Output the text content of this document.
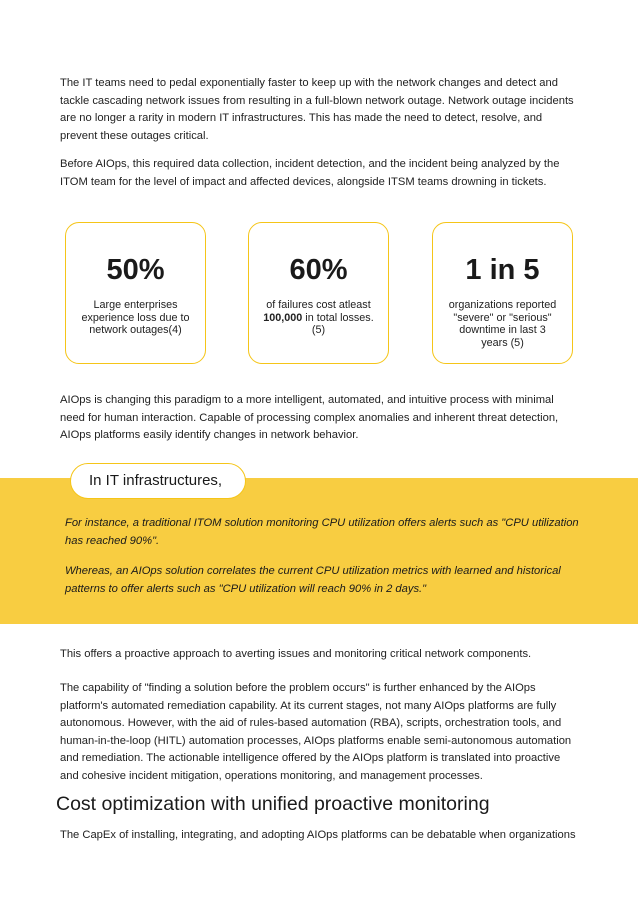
The IT teams need to pedal exponentially faster to keep up with the network changes and detect and tackle cascading network issues from resulting in a full-blown network outage. Network outage incidents are no longer a rarity in modern IT infrastructures. This has made the need to detect, resolve, and prevent these outages critical.

Before AIOps, this required data collection, incident detection, and the incident being analyzed by the ITOM team for the level of impact and affected devices, alongside ITSM teams drowning in tickets.

50%
Large enterprises experience loss due to network outages(4)
60%
of failures cost atleast 100,000 in total losses. (5)
1 in 5
organizations reported "severe" or "serious" downtime in last 3 years (5)

AIOps is changing this paradigm to a more intelligent, automated, and intuitive process with minimal need for human interaction. Capable of processing complex anomalies and inherent threat detection, AIOps platforms easily identify changes in network behavior.

In IT infrastructures,

For instance, a traditional ITOM solution monitoring CPU utilization offers alerts such as "CPU utilization has reached 90%".

Whereas, an AIOps solution correlates the current CPU utilization metrics with learned and historical patterns to offer alerts such as "CPU utilization will reach 90% in 2 days."

This offers a proactive approach to averting issues and monitoring critical network components.

The capability of "finding a solution before the problem occurs" is further enhanced by the AIOps platform's automated remediation capability. At its current stages, not many AIOps platforms are fully autonomous. However, with the aid of rules-based automation (RBA), scripts, orchestration tools, and human-in-the-loop (HITL) automation processes, AIOps platforms enable semi-autonomous automation and remediation. The actionable intelligence offered by the AIOps platform is translated into proactive and cohesive incident mitigation, operations monitoring, and management processes.

Cost optimization with unified proactive monitoring

The CapEx of installing, integrating, and adopting AIOps platforms can be debatable when organizations
